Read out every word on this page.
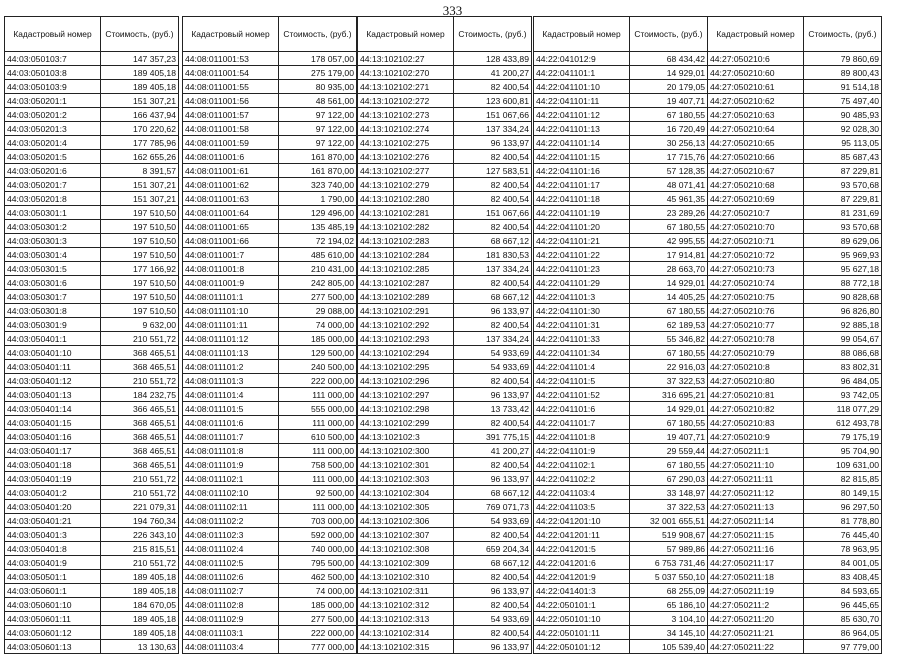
333
Кадастровый номер	Стоимость, (руб.)
44:03:050103:7	147 357,23
44:03:050103:8	189 405,18
44:03:050103:9	189 405,18
44:03:050201:1	151 307,21
44:03:050201:2	166 437,94
44:03:050201:3	170 220,62
44:03:050201:4	177 785,96
44:03:050201:5	162 655,26
44:03:050201:6	8 391,57
44:03:050201:7	151 307,21
44:03:050201:8	151 307,21
44:03:050301:1	197 510,50
44:03:050301:2	197 510,50
44:03:050301:3	197 510,50
44:03:050301:4	197 510,50
44:03:050301:5	177 166,92
44:03:050301:6	197 510,50
44:03:050301:7	197 510,50
44:03:050301:8	197 510,50
44:03:050301:9	9 632,00
44:03:050401:1	210 551,72
44:03:050401:10	368 465,51
44:03:050401:11	368 465,51
44:03:050401:12	210 551,72
44:03:050401:13	184 232,75
44:03:050401:14	366 465,51
44:03:050401:15	368 465,51
44:03:050401:16	368 465,51
44:03:050401:17	368 465,51
44:03:050401:18	368 465,51
44:03:050401:19	210 551,72
44:03:050401:2	210 551,72
44:03:050401:20	221 079,31
44:03:050401:21	194 760,34
44:03:050401:3	226 343,10
44:03:050401:8	215 815,51
44:03:050401:9	210 551,72
44:03:050501:1	189 405,18
44:03:050601:1	189 405,18
44:03:050601:10	184 670,05
44:03:050601:11	189 405,18
44:03:050601:12	189 405,18
44:03:050601:13	13 130,63
Кадастровый номер	Стоимость, (руб.)
44:08:011001:53	178 057,00
44:08:011001:54	275 179,00
44:08:011001:55	80 935,00
44:08:011001:56	48 561,00
44:08:011001:57	97 122,00
44:08:011001:58	97 122,00
44:08:011001:59	97 122,00
44:08:011001:6	161 870,00
44:08:011001:61	161 870,00
44:08:011001:62	323 740,00
44:08:011001:63	1 790,00
44:08:011001:64	129 496,00
44:08:011001:65	135 485,19
44:08:011001:66	72 194,02
44:08:011001:7	485 610,00
44:08:011001:8	210 431,00
44:08:011001:9	242 805,00
44:08:011101:1	277 500,00
44:08:011101:10	29 088,00
44:08:011101:11	74 000,00
44:08:011101:12	185 000,00
44:08:011101:13	129 500,00
44:08:011101:2	240 500,00
44:08:011101:3	222 000,00
44:08:011101:4	111 000,00
44:08:011101:5	555 000,00
44:08:011101:6	111 000,00
44:08:011101:7	610 500,00
44:08:011101:8	111 000,00
44:08:011101:9	758 500,00
44:08:011102:1	111 000,00
44:08:011102:10	92 500,00
44:08:011102:11	111 000,00
44:08:011102:2	703 000,00
44:08:011102:3	592 000,00
44:08:011102:4	740 000,00
44:08:011102:5	795 500,00
44:08:011102:6	462 500,00
44:08:011102:7	74 000,00
44:08:011102:8	185 000,00
44:08:011102:9	277 500,00
44:08:011103:1	222 000,00
44:08:011103:4	777 000,00
Кадастровый номер	Стоимость, (руб.)
44:13:102102:27	128 433,89
44:13:102102:270	41 200,27
44:13:102102:271	82 400,54
44:13:102102:272	123 600,81
44:13:102102:273	151 067,66
44:13:102102:274	137 334,24
44:13:102102:275	96 133,97
44:13:102102:276	82 400,54
44:13:102102:277	127 583,51
44:13:102102:279	82 400,54
44:13:102102:280	82 400,54
44:13:102102:281	151 067,66
44:13:102102:282	82 400,54
44:13:102102:283	68 667,12
44:13:102102:284	181 830,53
44:13:102102:285	137 334,24
44:13:102102:287	82 400,54
44:13:102102:289	68 667,12
44:13:102102:291	96 133,97
44:13:102102:292	82 400,54
44:13:102102:293	137 334,24
44:13:102102:294	54 933,69
44:13:102102:295	54 933,69
44:13:102102:296	82 400,54
44:13:102102:297	96 133,97
44:13:102102:298	13 733,42
44:13:102102:299	82 400,54
44:13:102102:3	391 775,15
44:13:102102:300	41 200,27
44:13:102102:301	82 400,54
44:13:102102:303	96 133,97
44:13:102102:304	68 667,12
44:13:102102:305	769 071,73
44:13:102102:306	54 933,69
44:13:102102:307	82 400,54
44:13:102102:308	659 204,34
44:13:102102:309	68 667,12
44:13:102102:310	82 400,54
44:13:102102:311	96 133,97
44:13:102102:312	82 400,54
44:13:102102:313	54 933,69
44:13:102102:314	82 400,54
44:13:102102:315	96 133,97
Кадастровый номер	Стоимость, (руб.)
44:22:041012:9	68 434,42
44:22:041101:1	14 929,01
44:22:041101:10	20 179,05
44:22:041101:11	19 407,71
44:22:041101:12	67 180,55
44:22:041101:13	16 720,49
44:22:041101:14	30 256,13
44:22:041101:15	17 715,76
44:22:041101:16	57 128,35
44:22:041101:17	48 071,41
44:22:041101:18	45 961,35
44:22:041101:19	23 289,26
44:22:041101:20	67 180,55
44:22:041101:21	42 995,55
44:22:041101:22	17 914,81
44:22:041101:23	28 663,70
44:22:041101:29	14 929,01
44:22:041101:3	14 405,25
44:22:041101:30	67 180,55
44:22:041101:31	62 189,53
44:22:041101:33	55 346,82
44:22:041101:34	67 180,55
44:22:041101:4	22 916,03
44:22:041101:5	37 322,53
44:22:041101:52	316 695,21
44:22:041101:6	14 929,01
44:22:041101:7	67 180,55
44:22:041101:8	19 407,71
44:22:041101:9	29 559,44
44:22:041102:1	67 180,55
44:22:041102:2	67 290,03
44:22:041103:4	33 148,97
44:22:041103:5	37 322,53
44:22:041201:10	32 001 655,51
44:22:041201:11	519 908,67
44:22:041201:5	57 989,86
44:22:041201:6	6 753 731,46
44:22:041201:9	5 037 550,10
44:22:041401:3	68 255,09
44:22:050101:1	65 186,10
44:22:050101:10	3 104,10
44:22:050101:11	34 145,10
44:22:050101:12	105 539,40
Кадастровый номер	Стоимость, (руб.)
44:27:050210:6	79 860,69
44:27:050210:60	89 800,43
44:27:050210:61	91 514,18
44:27:050210:62	75 497,40
44:27:050210:63	90 485,93
44:27:050210:64	92 028,30
44:27:050210:65	95 113,05
44:27:050210:66	85 687,43
44:27:050210:67	87 229,81
44:27:050210:68	93 570,68
44:27:050210:69	87 229,81
44:27:050210:7	81 231,69
44:27:050210:70	93 570,68
44:27:050210:71	89 629,06
44:27:050210:72	95 969,93
44:27:050210:73	95 627,18
44:27:050210:74	88 772,18
44:27:050210:75	90 828,68
44:27:050210:76	96 826,80
44:27:050210:77	92 885,18
44:27:050210:78	99 054,67
44:27:050210:79	88 086,68
44:27:050210:8	83 802,31
44:27:050210:80	96 484,05
44:27:050210:81	93 742,05
44:27:050210:82	118 077,29
44:27:050210:83	612 493,78
44:27:050210:9	79 175,19
44:27:050211:1	95 704,90
44:27:050211:10	109 631,00
44:27:050211:11	82 815,85
44:27:050211:12	80 149,15
44:27:050211:13	96 297,50
44:27:050211:14	81 778,80
44:27:050211:15	76 445,40
44:27:050211:16	78 963,95
44:27:050211:17	84 001,05
44:27:050211:18	83 408,45
44:27:050211:19	84 593,65
44:27:050211:2	96 445,65
44:27:050211:20	85 630,70
44:27:050211:21	86 964,05
44:27:050211:22	97 779,00
